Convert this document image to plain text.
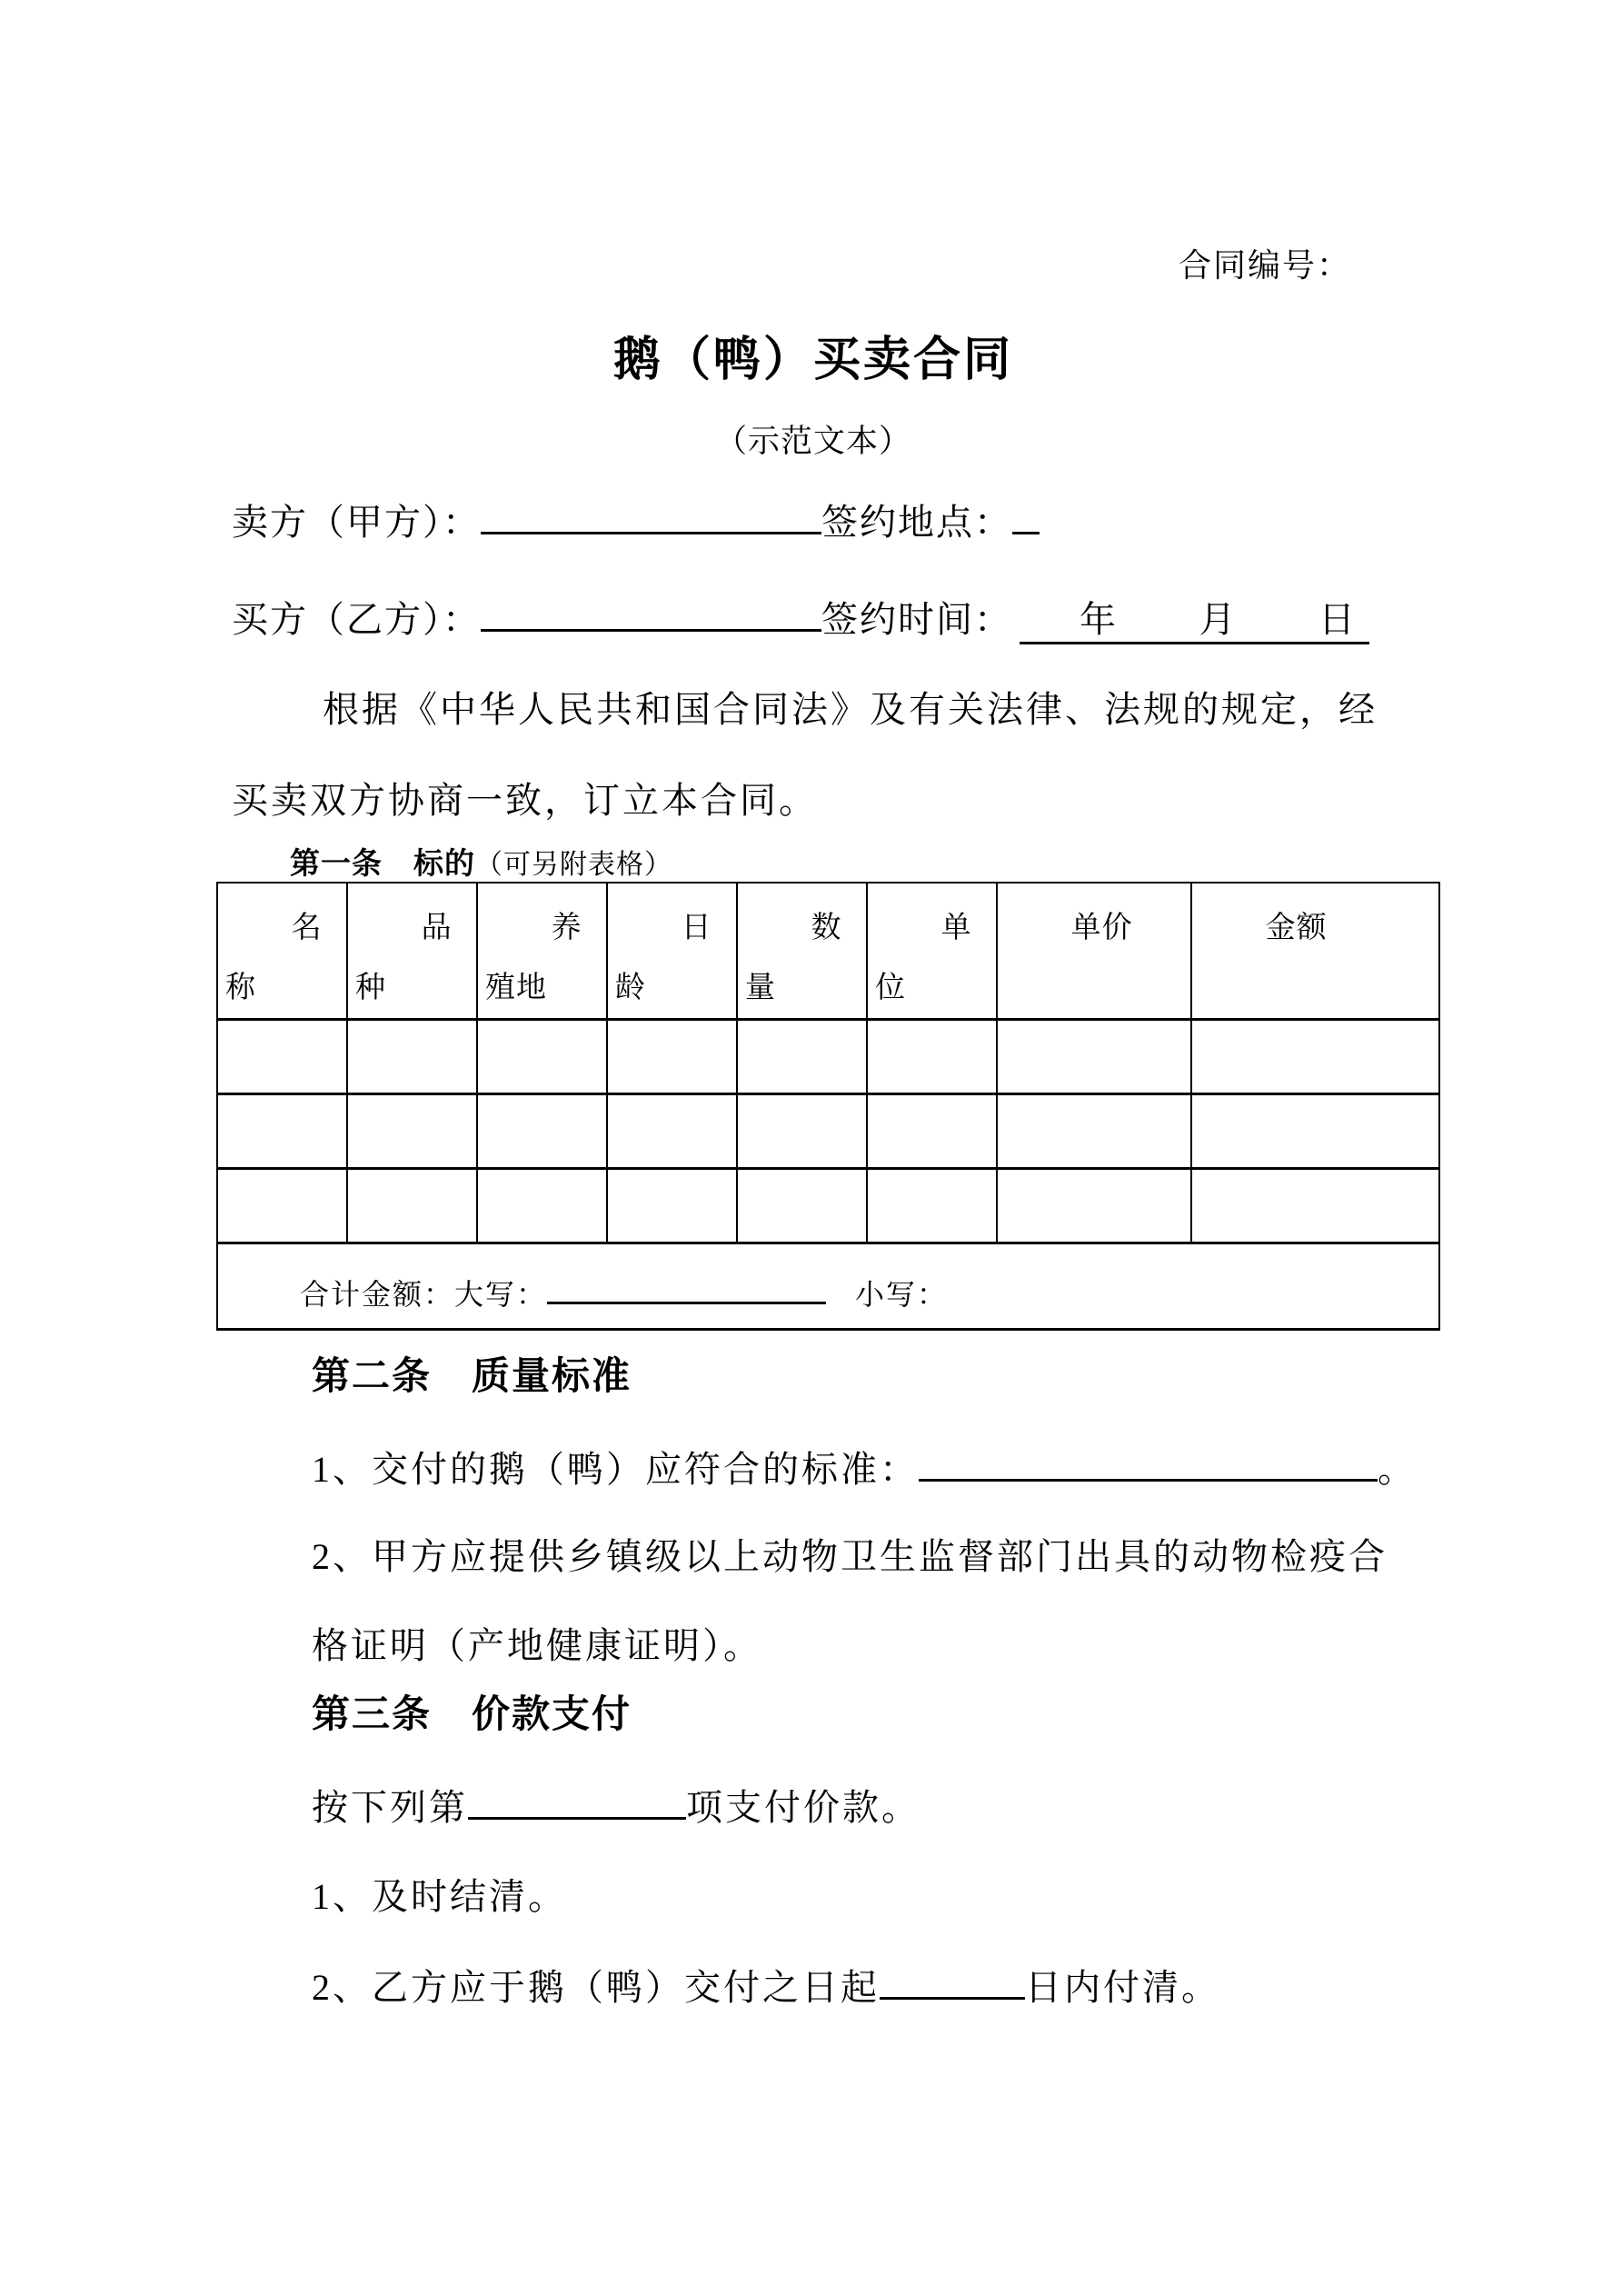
合同编号：
鹅（鸭）买卖合同
（示范文本）
卖方（甲方）：	签约地点：
买方（乙方）：	签约时间： 年 月 日
根据《中华人民共和国合同法》及有关法律、法规的规定，经
买卖双方协商一致，订立本合同。
第一条　标的（可另附表格）
名称	品种	养殖地	日龄	数量	单位	单价	金额

合计金额：大写： 小写：							
第二条　质量标准
1、交付的鹅（鸭）应符合的标准：	。
2、甲方应提供乡镇级以上动物卫生监督部门出具的动物检疫合
格证明（产地健康证明）。
第三条　价款支付
按下列第	项支付价款。
1、及时结清。
2、乙方应于鹅（鸭）交付之日起	日内付清。
